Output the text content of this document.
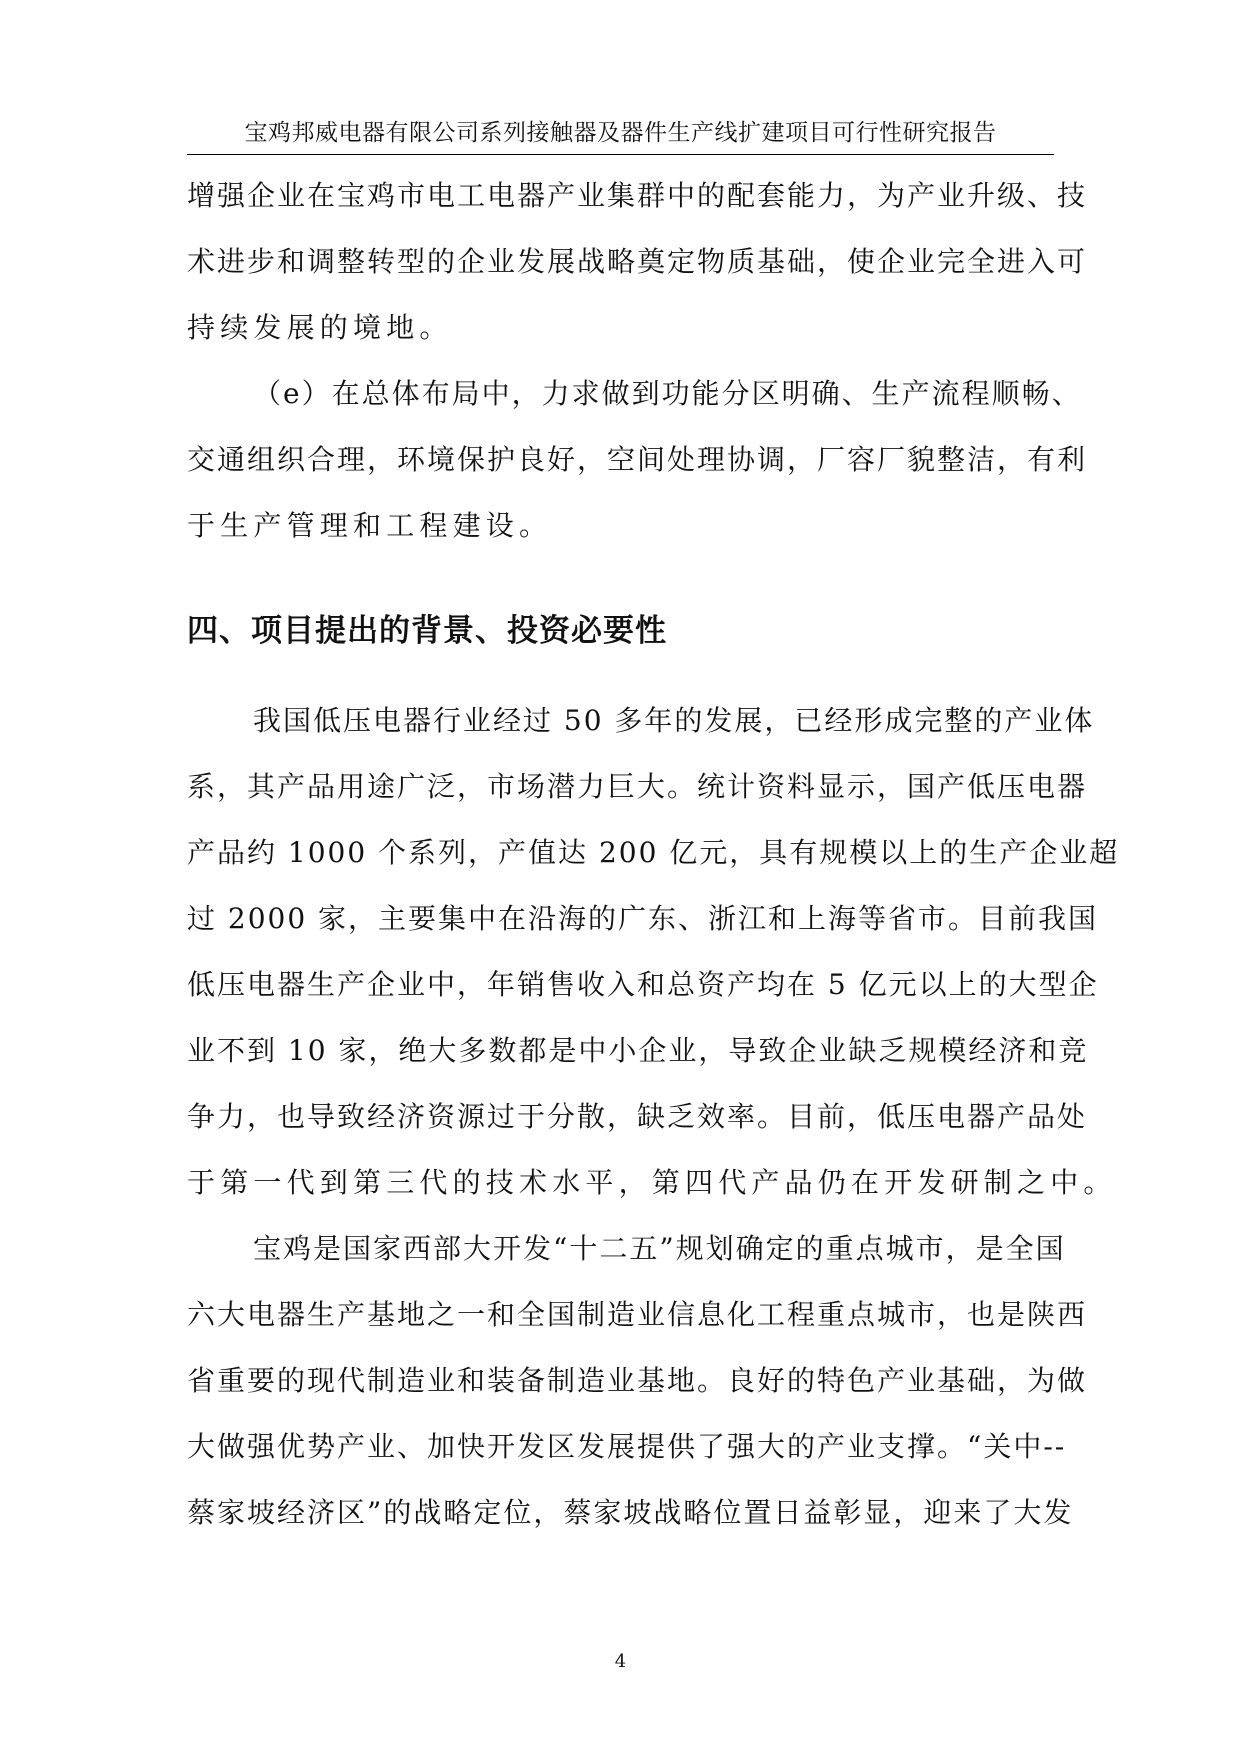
宝鸡邦威电器有限公司系列接触器及器件生产线扩建项目可行性研究报告
增强企业在宝鸡市电工电器产业集群中的配套能力，为产业升级、技
术进步和调整转型的企业发展战略奠定物质基础，使企业完全进入可
持续发展的境地。
（e）在总体布局中，力求做到功能分区明确、生产流程顺畅、
交通组织合理，环境保护良好，空间处理协调，厂容厂貌整洁，有利
于生产管理和工程建设。
四、项目提出的背景、投资必要性
我国低压电器行业经过 50 多年的发展，已经形成完整的产业体
系，其产品用途广泛，市场潜力巨大。统计资料显示，国产低压电器
产品约 1000 个系列，产值达 200 亿元，具有规模以上的生产企业超
过 2000 家，主要集中在沿海的广东、浙江和上海等省市。目前我国
低压电器生产企业中，年销售收入和总资产均在 5 亿元以上的大型企
业不到 10 家，绝大多数都是中小企业，导致企业缺乏规模经济和竞
争力，也导致经济资源过于分散，缺乏效率。目前，低压电器产品处
于第一代到第三代的技术水平，第四代产品仍在开发研制之中。
宝鸡是国家西部大开发“十二五”规划确定的重点城市，是全国
六大电器生产基地之一和全国制造业信息化工程重点城市，也是陕西
省重要的现代制造业和装备制造业基地。良好的特色产业基础，为做
大做强优势产业、加快开发区发展提供了强大的产业支撑。“关中--
蔡家坡经济区”的战略定位，蔡家坡战略位置日益彰显，迎来了大发
4
